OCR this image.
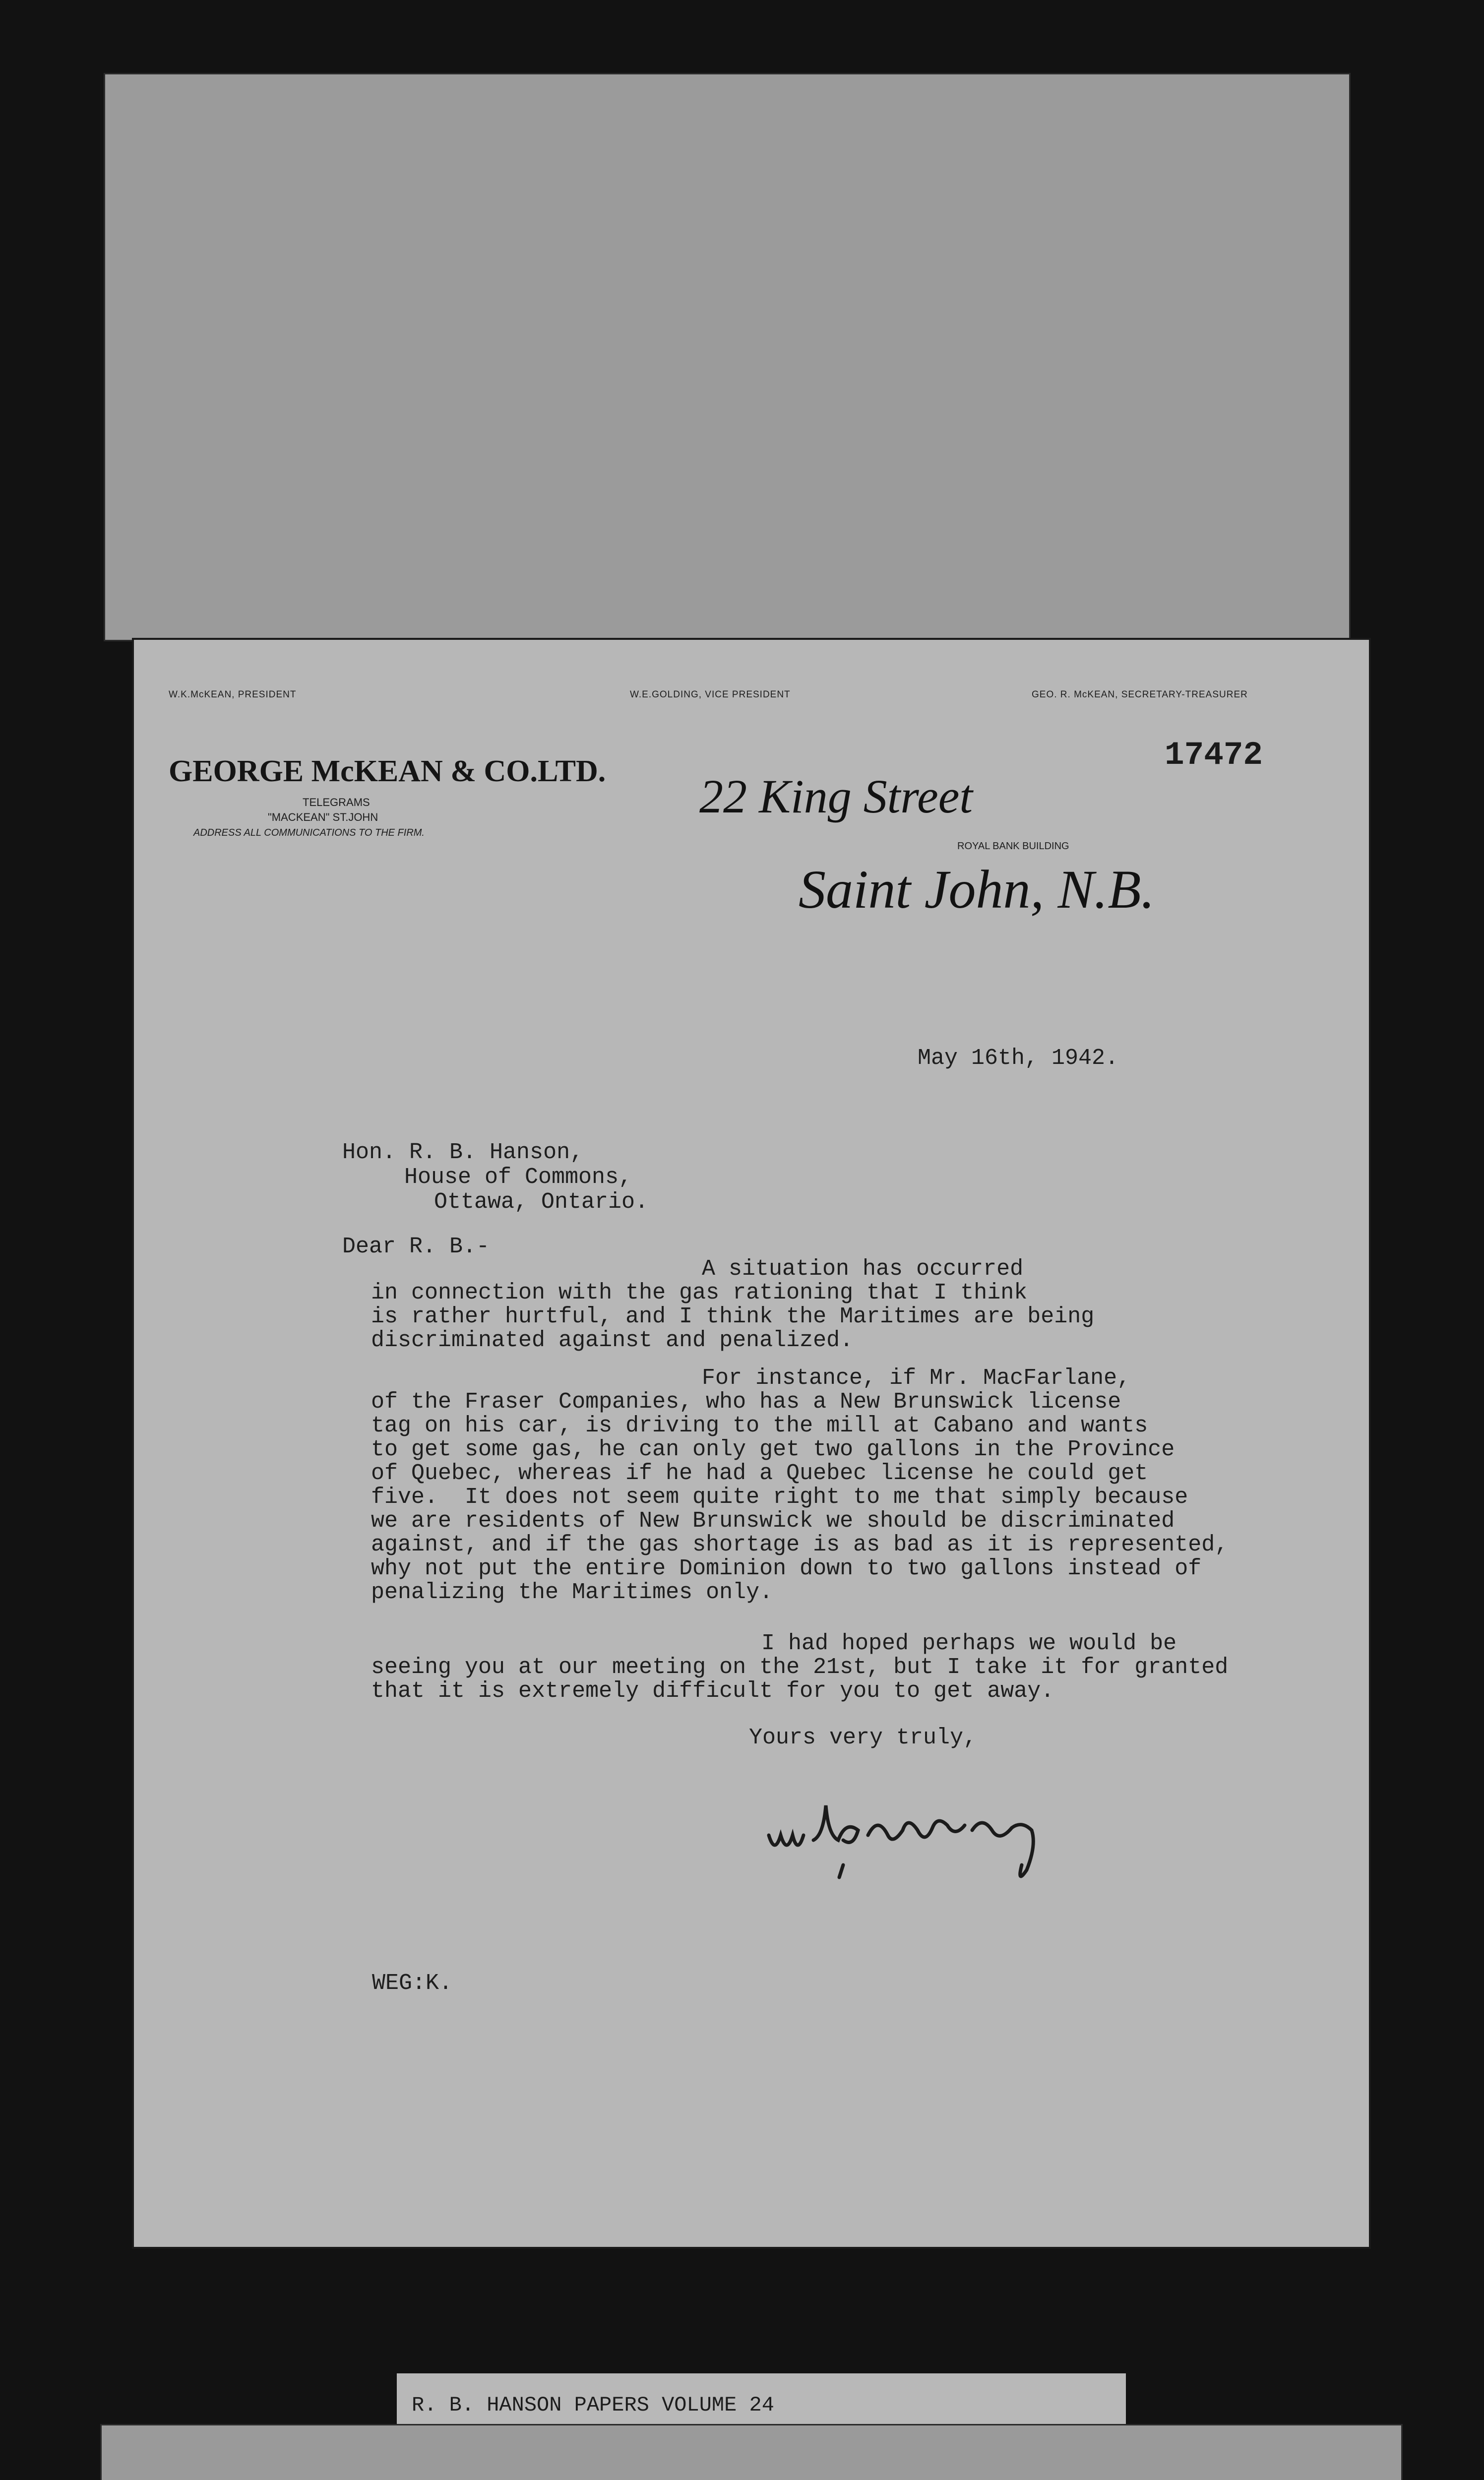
W.K.McKEAN, PRESIDENT	W.E.GOLDING, VICE PRESIDENT	GEO. R. McKEAN, SECRETARY-TREASURER
GEORGE McKEAN & CO.LTD.
TELEGRAMS
"MACKEAN" ST.JOHN
ADDRESS ALL COMMUNICATIONS TO THE FIRM.
22 King Street
ROYAL BANK BUILDING
Saint John, N.B.
17472
May 16th, 1942.
Hon. R. B. Hanson,
House of Commons,
Ottawa, Ontario.
Dear R. B.-
A situation has occurred
in connection with the gas rationing that I think
is rather hurtful, and I think the Maritimes are being
discriminated against and penalized.
For instance, if Mr. MacFarlane,
of the Fraser Companies, who has a New Brunswick license
tag on his car, is driving to the mill at Cabano and wants
to get some gas, he can only get two gallons in the Province
of Quebec, whereas if he had a Quebec license he could get
five.  It does not seem quite right to me that simply because
we are residents of New Brunswick we should be discriminated
against, and if the gas shortage is as bad as it is represented,
why not put the entire Dominion down to two gallons instead of
penalizing the Maritimes only.
I had hoped perhaps we would be
seeing you at our meeting on the 21st, but I take it for granted
that it is extremely difficult for you to get away.
Yours very truly,
WEG:K.
R. B. HANSON PAPERS VOLUME 24
